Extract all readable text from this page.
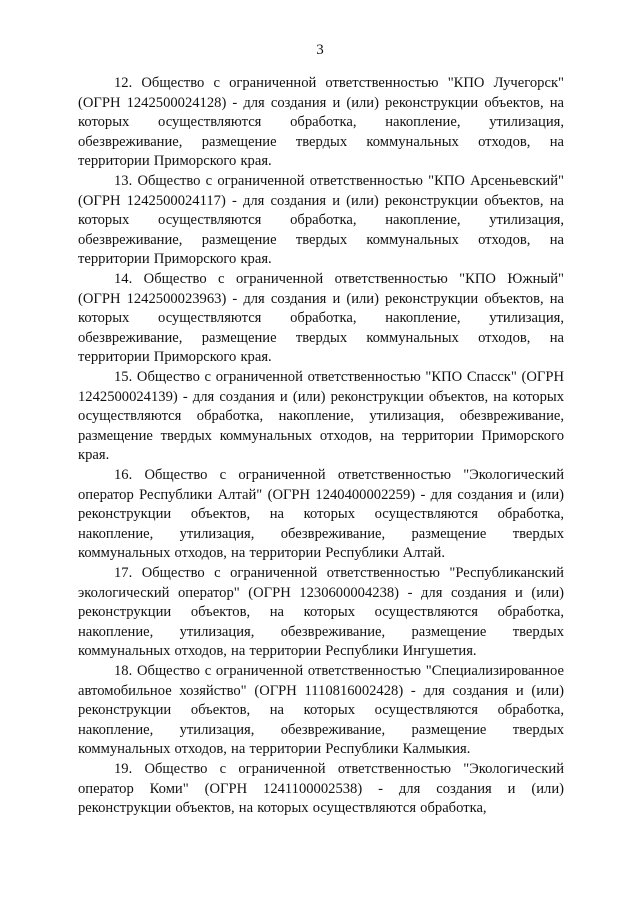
3

12. Общество с ограниченной ответственностью "КПО Лучегорск" (ОГРН 1242500024128) - для создания и (или) реконструкции объектов, на которых осуществляются обработка, накопление, утилизация, обезвреживание, размещение твердых коммунальных отходов, на территории Приморского края.

13. Общество с ограниченной ответственностью "КПО Арсеньевский" (ОГРН 1242500024117) - для создания и (или) реконструкции объектов, на которых осуществляются обработка, накопление, утилизация, обезвреживание, размещение твердых коммунальных отходов, на территории Приморского края.

14. Общество с ограниченной ответственностью "КПО Южный" (ОГРН 1242500023963) - для создания и (или) реконструкции объектов, на которых осуществляются обработка, накопление, утилизация, обезвреживание, размещение твердых коммунальных отходов, на территории Приморского края.

15. Общество с ограниченной ответственностью "КПО Спасск" (ОГРН 1242500024139) - для создания и (или) реконструкции объектов, на которых осуществляются обработка, накопление, утилизация, обезвреживание, размещение твердых коммунальных отходов, на территории Приморского края.

16. Общество с ограниченной ответственностью "Экологический оператор Республики Алтай" (ОГРН 1240400002259) - для создания и (или) реконструкции объектов, на которых осуществляются обработка, накопление, утилизация, обезвреживание, размещение твердых коммунальных отходов, на территории Республики Алтай.

17. Общество с ограниченной ответственностью "Республиканский экологический оператор" (ОГРН 1230600004238) - для создания и (или) реконструкции объектов, на которых осуществляются обработка, накопление, утилизация, обезвреживание, размещение твердых коммунальных отходов, на территории Республики Ингушетия.

18. Общество с ограниченной ответственностью "Специализированное автомобильное хозяйство" (ОГРН 1110816002428) - для создания и (или) реконструкции объектов, на которых осуществляются обработка, накопление, утилизация, обезвреживание, размещение твердых коммунальных отходов, на территории Республики Калмыкия.

19. Общество с ограниченной ответственностью "Экологический оператор Коми" (ОГРН 1241100002538) - для создания и (или) реконструкции объектов, на которых осуществляются обработка,
